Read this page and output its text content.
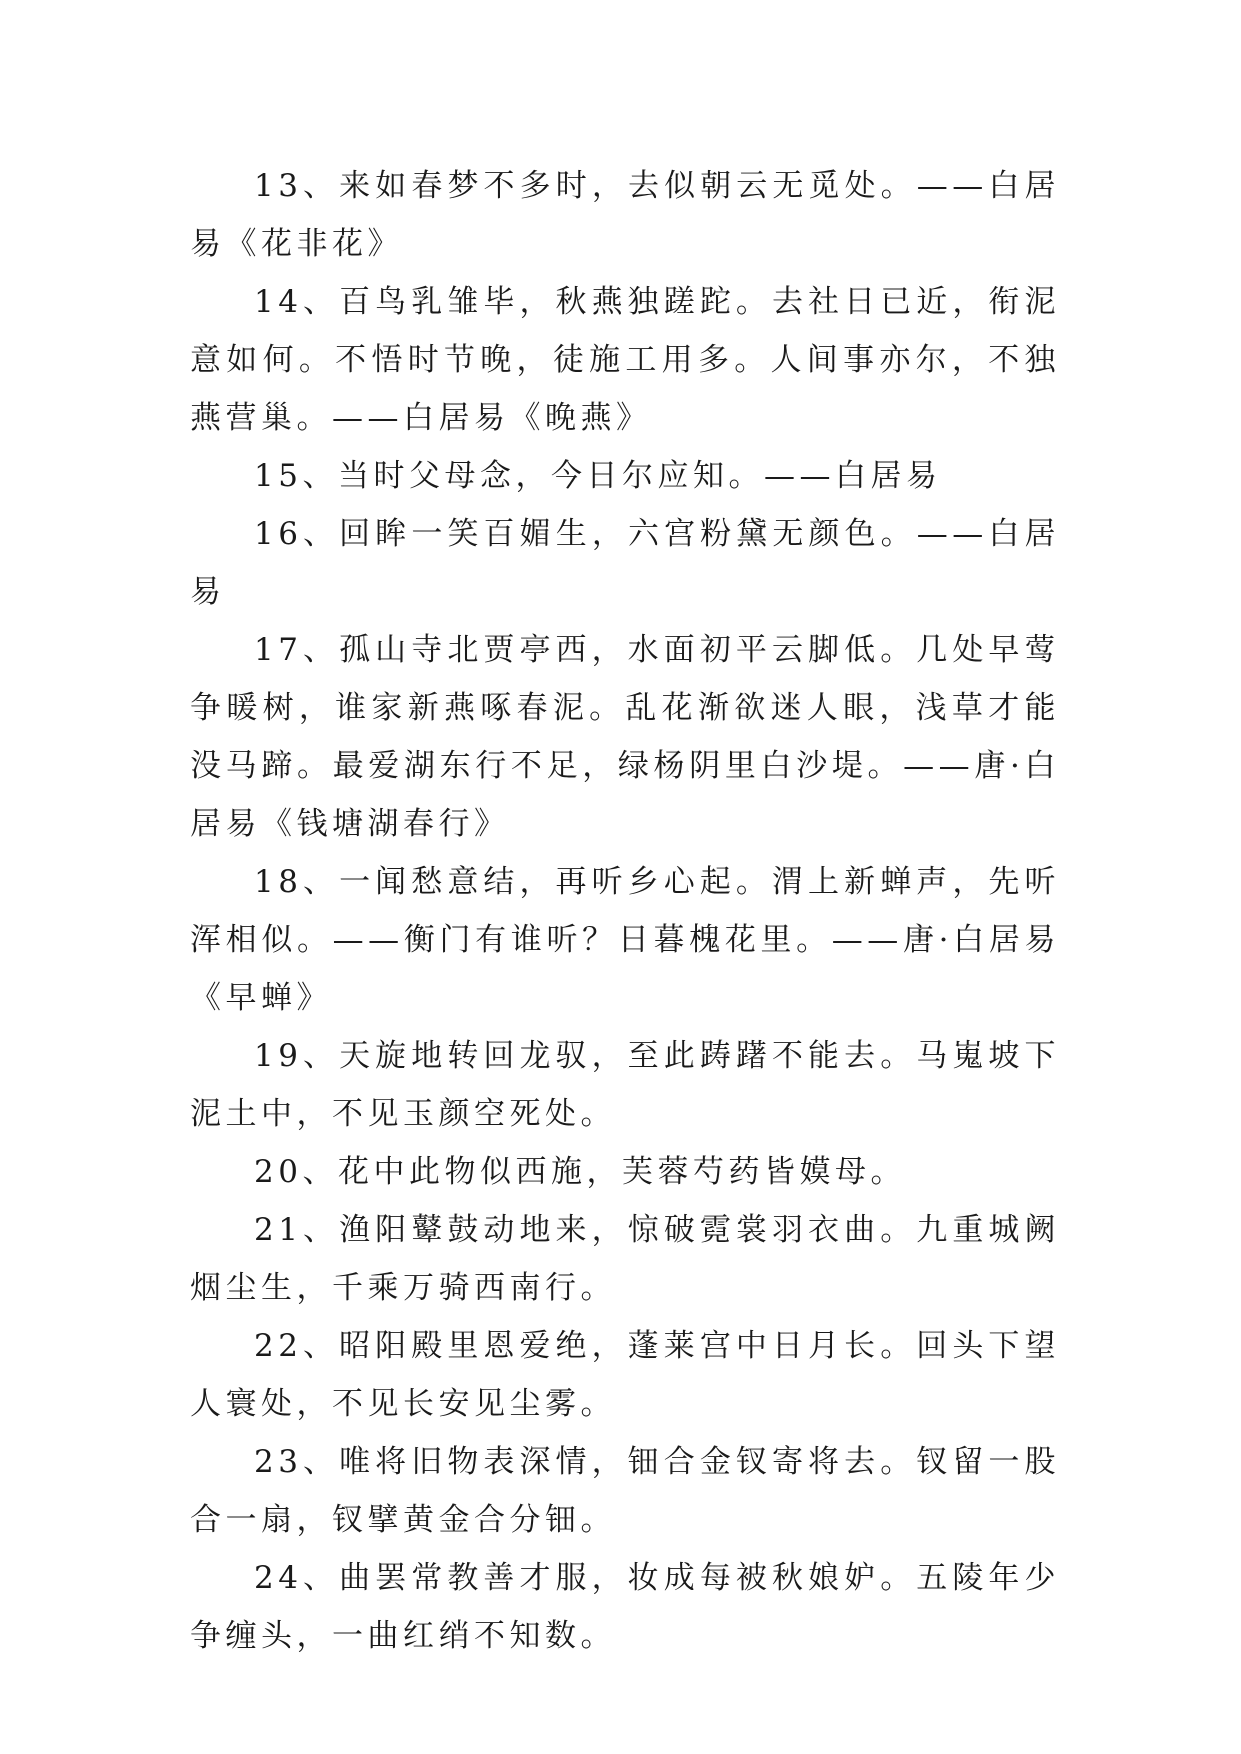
13、来如春梦不多时，去似朝云无觅处。——白居易《花非花》

14、百鸟乳雏毕，秋燕独蹉跎。去社日已近，衔泥意如何。不悟时节晚，徒施工用多。人间事亦尔，不独燕营巢。——白居易《晚燕》

15、当时父母念，今日尔应知。——白居易

16、回眸一笑百媚生，六宫粉黛无颜色。——白居易

17、孤山寺北贾亭西，水面初平云脚低。几处早莺争暖树，谁家新燕啄春泥。乱花渐欲迷人眼，浅草才能没马蹄。最爱湖东行不足，绿杨阴里白沙堤。——唐·白居易《钱塘湖春行》

18、一闻愁意结，再听乡心起。渭上新蝉声，先听浑相似。——衡门有谁听？日暮槐花里。——唐·白居易《早蝉》

19、天旋地转回龙驭，至此踌躇不能去。马嵬坡下泥土中，不见玉颜空死处。

20、花中此物似西施，芙蓉芍药皆嫫母。

21、渔阳鼙鼓动地来，惊破霓裳羽衣曲。九重城阙烟尘生，千乘万骑西南行。

22、昭阳殿里恩爱绝，蓬莱宫中日月长。回头下望人寰处，不见长安见尘雾。

23、唯将旧物表深情，钿合金钗寄将去。钗留一股合一扇，钗擘黄金合分钿。

24、曲罢常教善才服，妆成每被秋娘妒。五陵年少争缠头，一曲红绡不知数。
